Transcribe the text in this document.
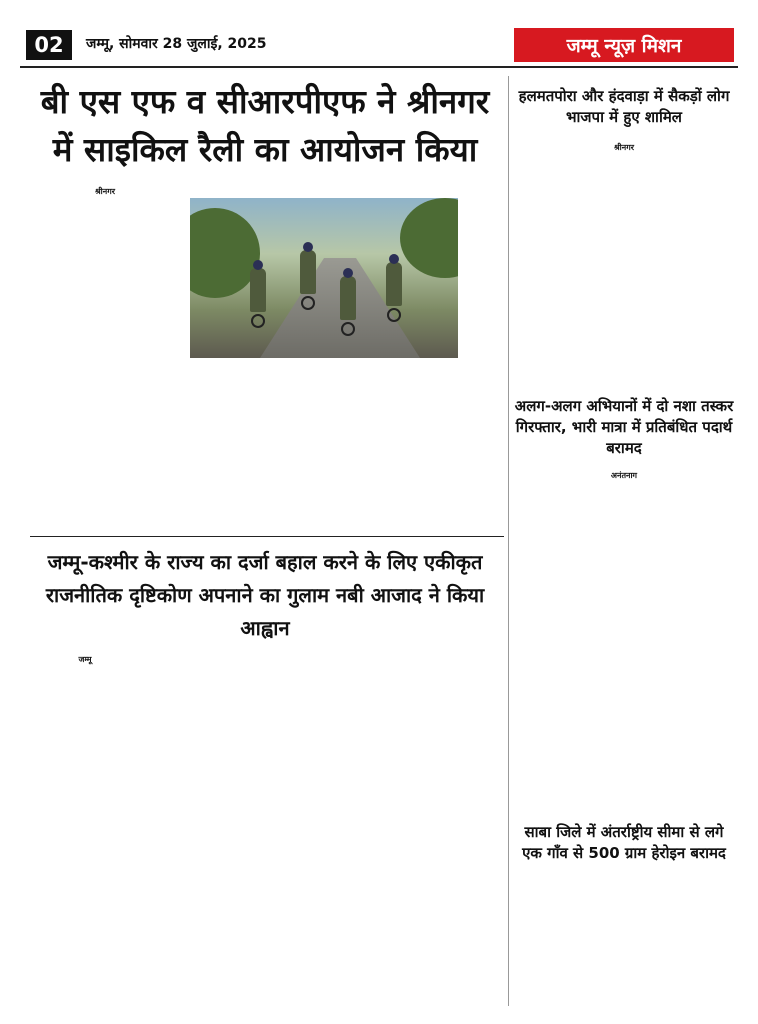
02	जम्मू, सोमवार 28 जुलाई, 2025	जम्मू न्यूज़ मिशन
बी एस एफ व सीआरपीएफ ने श्रीनगर में साइकिल रैली का आयोजन किया
श्रीनगर
जम्मू-कश्मीर के राज्य का दर्जा बहाल करने के लिए एकीकृत राजनीतिक दृष्टिकोण अपनाने का गुलाम नबी आजाद ने किया आह्वान
जम्मू
हलमतपोरा और हंदवाड़ा में सैकड़ों लोग भाजपा में हुए शामिल
श्रीनगर
अलग-अलग अभियानों में दो नशा तस्कर गिरफ्तार, भारी मात्रा में प्रतिबंधित पदार्थ बरामद
अनंतनाग
साबा जिले में अंतर्राष्ट्रीय सीमा से लगे एक गाँव से 500 ग्राम हेरोइन बरामद
